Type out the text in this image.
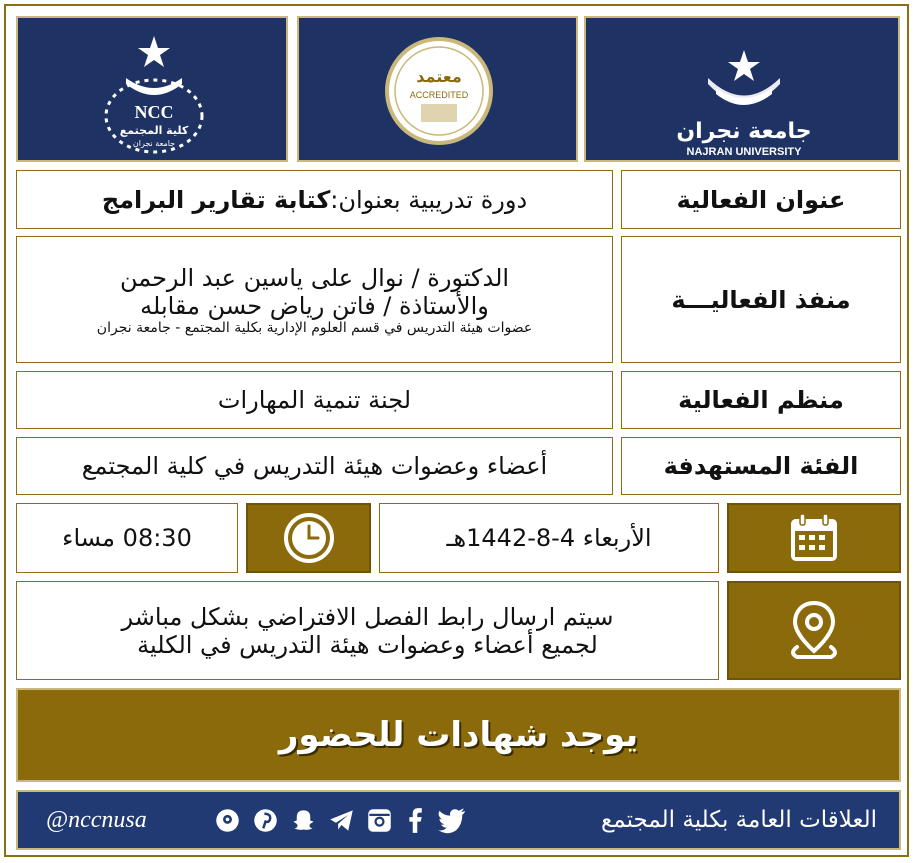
جامعة نجران
NAJRAN UNIVERSITY
معتمد
ACCREDITED
NCC
كلية المجتمع
جامعة نجران
عنوان الفعالية
دورة تدريبية بعنوان:
كتابة تقارير البرامج
منفذ الفعاليـــة
الدكتورة / نوال على ياسين عبد الرحمن
والأستاذة / فاتن رياض حسن مقابله
عضوات هيئة التدريس في قسم العلوم الإدارية بكلية المجتمع - جامعة نجران
منظم الفعالية
لجنة تنمية المهارات
الفئة المستهدفة
أعضاء وعضوات هيئة التدريس في كلية المجتمع
الأربعاء 4-8-1442هـ
08:30 مساء
سيتم ارسال رابط الفصل الافتراضي بشكل مباشر
لجميع أعضاء وعضوات هيئة التدريس في الكلية
يوجد شهادات للحضور
العلاقات العامة بكلية المجتمع
@nccnusa
